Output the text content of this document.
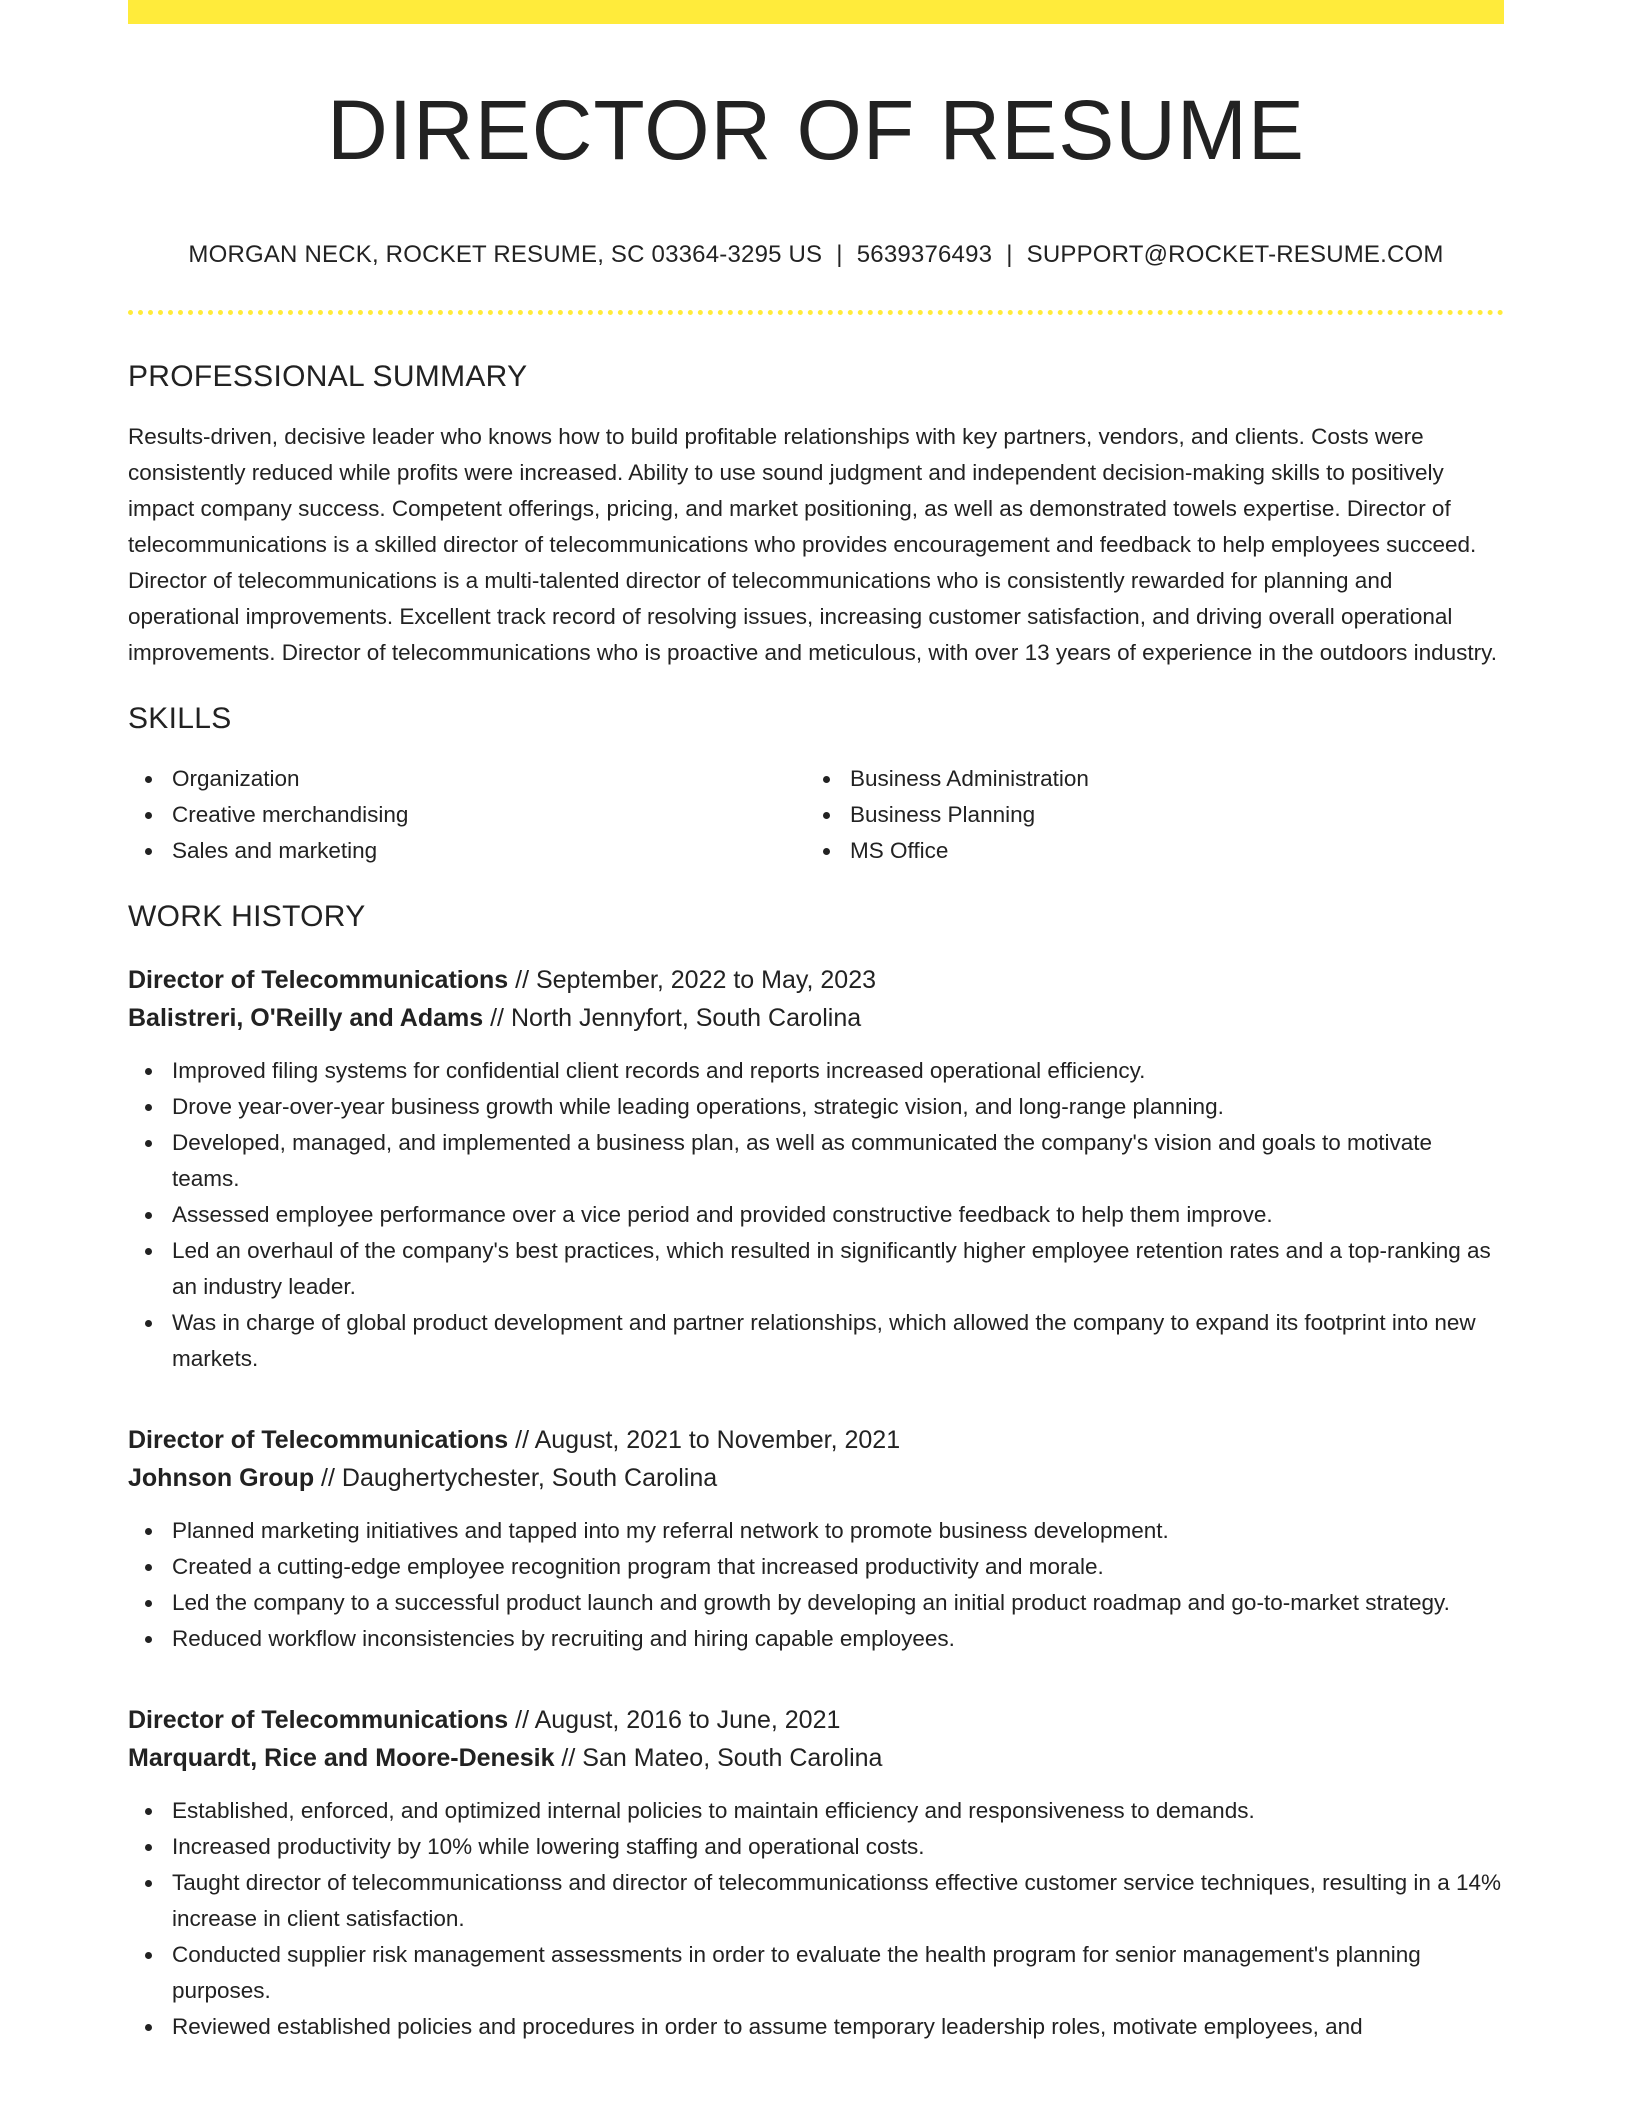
DIRECTOR OF RESUME
MORGAN NECK, ROCKET RESUME, SC 03364-3295 US | 5639376493 | SUPPORT@ROCKET-RESUME.COM
PROFESSIONAL SUMMARY

Results-driven, decisive leader who knows how to build profitable relationships with key partners, vendors, and clients. Costs were consistently reduced while profits were increased. Ability to use sound judgment and independent decision-making skills to positively impact company success. Competent offerings, pricing, and market positioning, as well as demonstrated towels expertise. Director of telecommunications is a skilled director of telecommunications who provides encouragement and feedback to help employees succeed. Director of telecommunications is a multi-talented director of telecommunications who is consistently rewarded for planning and operational improvements. Excellent track record of resolving issues, increasing customer satisfaction, and driving overall operational improvements. Director of telecommunications who is proactive and meticulous, with over 13 years of experience in the outdoors industry.

SKILLS
Organization
Creative merchandising
Sales and marketing
Business Administration
Business Planning
MS Office
WORK HISTORY
Director of Telecommunications // September, 2022 to May, 2023
Balistreri, O'Reilly and Adams // North Jennyfort, South Carolina
Improved filing systems for confidential client records and reports increased operational efficiency.
Drove year-over-year business growth while leading operations, strategic vision, and long-range planning.
Developed, managed, and implemented a business plan, as well as communicated the company's vision and goals to motivate teams.
Assessed employee performance over a vice period and provided constructive feedback to help them improve.
Led an overhaul of the company's best practices, which resulted in significantly higher employee retention rates and a top-ranking as an industry leader.
Was in charge of global product development and partner relationships, which allowed the company to expand its footprint into new markets.
Director of Telecommunications // August, 2021 to November, 2021
Johnson Group // Daughertychester, South Carolina
Planned marketing initiatives and tapped into my referral network to promote business development.
Created a cutting-edge employee recognition program that increased productivity and morale.
Led the company to a successful product launch and growth by developing an initial product roadmap and go-to-market strategy.
Reduced workflow inconsistencies by recruiting and hiring capable employees.
Director of Telecommunications // August, 2016 to June, 2021
Marquardt, Rice and Moore-Denesik // San Mateo, South Carolina
Established, enforced, and optimized internal policies to maintain efficiency and responsiveness to demands.
Increased productivity by 10% while lowering staffing and operational costs.
Taught director of telecommunicationss and director of telecommunicationss effective customer service techniques, resulting in a 14% increase in client satisfaction.
Conducted supplier risk management assessments in order to evaluate the health program for senior management's planning purposes.
Reviewed established policies and procedures in order to assume temporary leadership roles, motivate employees, and
